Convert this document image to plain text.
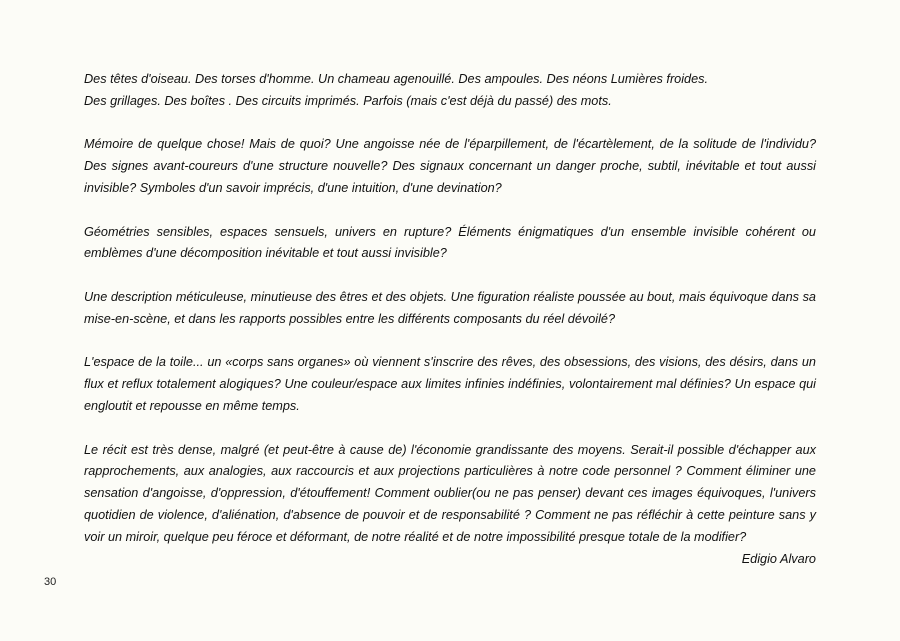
Des têtes d'oiseau. Des torses d'homme. Un chameau agenouillé. Des ampoules. Des néons Lumières froides.
Des grillages. Des boîtes . Des circuits imprimés. Parfois (mais c'est déjà du passé) des mots.

Mémoire de quelque chose! Mais de quoi? Une angoisse née de l'éparpillement, de l'écartèlement, de la solitude de l'individu? Des signes avant-coureurs d'une structure nouvelle? Des signaux concernant un danger proche, subtil, inévitable et tout aussi invisible? Symboles d'un savoir imprécis, d'une intuition, d'une devination?

Géométries sensibles, espaces sensuels, univers en rupture? Éléments énigmatiques d'un ensemble invisible cohérent ou emblèmes d'une décomposition inévitable et tout aussi invisible?

Une description méticuleuse, minutieuse des êtres et des objets. Une figuration réaliste poussée au bout, mais équivoque dans sa mise-en-scène, et dans les rapports possibles entre les différents composants du réel dévoilé?

L'espace de la toile... un «corps sans organes» où viennent s'inscrire des rêves, des obsessions, des visions, des désirs, dans un flux et reflux totalement alogiques? Une couleur/espace aux limites infinies indéfinies, volontairement mal définies? Un espace qui engloutit et repousse en même temps.

Le récit est très dense, malgré (et peut-être à cause de) l'économie grandissante des moyens. Serait-il possible d'échapper aux rapprochements, aux analogies, aux raccourcis et aux projections particulières à notre code personnel ? Comment éliminer une sensation d'angoisse, d'oppression, d'étouffement! Comment oublier(ou ne pas penser) devant ces images équivoques, l'univers quotidien de violence, d'aliénation, d'absence de pouvoir et de responsabilité ? Comment ne pas réfléchir à cette peinture sans y voir un miroir, quelque peu féroce et déformant, de notre réalité et de notre impossibilité presque totale de la modifier?

Edigio Alvaro

30
